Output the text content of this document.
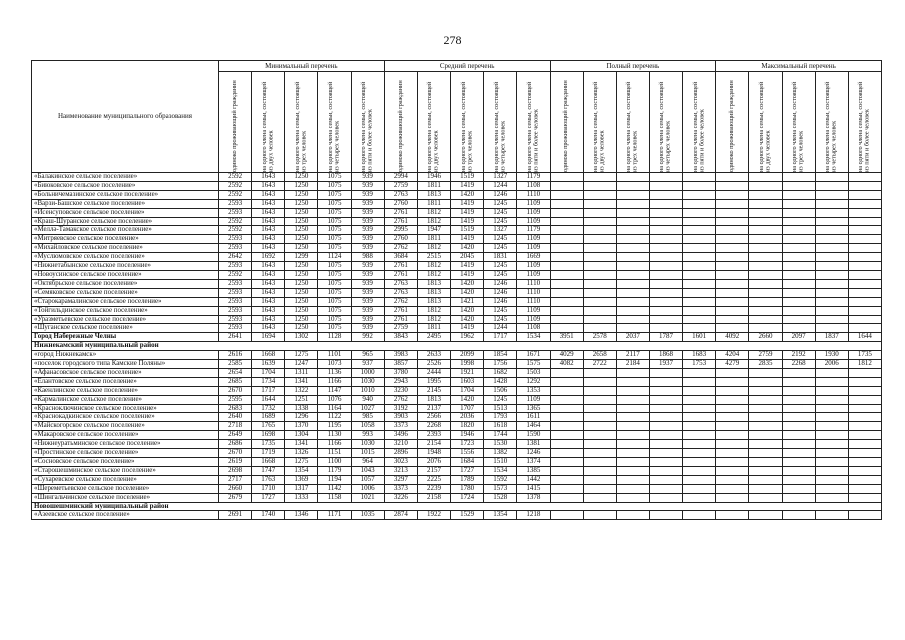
278
Наименование муниципального образования	Минимальный перечень					Средний перечень					Полный перечень					Максимальный перечень				

	одиноко проживающий гражданин	на одного члена семьи, состоящей из двух человек	на одного члена семьи, состоящей из трех человек	на одного члена семьи, состоящей из четырех человек	на одного члена семьи, состоящей из пяти и более человек	одиноко проживающий гражданин	на одного члена семьи, состоящей из двух человек	на одного члена семьи, состоящей из трех человек	на одного члена семьи, состоящей из четырех человек	на одного члена семьи, состоящей из пяти и более человек	одиноко проживающий гражданин	на одного члена семьи, состоящей из двух человек	на одного члена семьи, состоящей из трех человек	на одного члена семьи, состоящей из четырех человек	на одного члена семьи, состоящей из пяти и более человек	одиноко проживающий гражданин	на одного члена семьи, состоящей из двух человек	на одного члена семьи, состоящей из трех человек	на одного члена семьи, состоящей из четырех человек	на одного члена семьи, состоящей из пяти и более человек

«Балакинское сельское поселение»	2592	1643	1250	1075	939	2994	1946	1519	1327	1179										
«Биюковское сельское поселение»	2592	1643	1250	1075	939	2759	1811	1419	1244	1108										
«Больничемазинское сельское поселение»	2592	1643	1250	1075	939	2763	1813	1420	1246	1110										
«Варзи-Башское сельское поселение»	2593	1643	1250	1075	939	2760	1811	1419	1245	1109										
«Исенсуповское сельское поселение»	2593	1643	1250	1075	939	2761	1812	1419	1245	1109										
«Краш-Шуранское сельское поселение»	2592	1643	1250	1075	939	2761	1812	1419	1245	1109										
«Меллә-Тамакское сельское поселение»	2592	1643	1250	1075	939	2995	1947	1519	1327	1179										
«Митряевское сельское поселение»	2593	1643	1250	1075	939	2760	1811	1419	1245	1109										
«Михайловское сельское поселение»	2593	1643	1250	1075	939	2762	1812	1420	1245	1109										
«Муслюмовское сельское поселение»	2642	1692	1299	1124	988	3684	2515	2045	1831	1669										
«Нижнетабынское сельское поселение»	2593	1643	1250	1075	939	2761	1812	1419	1245	1109										
«Новоусинское сельское поселение»	2592	1643	1250	1075	939	2761	1812	1419	1245	1109										
«Октябрьское сельское поселение»	2593	1643	1250	1075	939	2763	1813	1420	1246	1110										
«Семяковское сельское поселение»	2593	1643	1250	1075	939	2763	1813	1420	1246	1110										
«Старокарамалинское сельское поселение»	2593	1643	1250	1075	939	2762	1813	1421	1246	1110										
«Тойгильдинское сельское поселение»	2593	1643	1250	1075	939	2761	1812	1420	1245	1109										
«Уразметьевское сельское поселение»	2593	1643	1250	1075	939	2761	1812	1420	1245	1109										
«Шуганское сельское поселение»	2593	1643	1250	1075	939	2759	1811	1419	1244	1108										
Город Набережные Челны	2641	1694	1302	1128	992	3843	2495	1962	1717	1534	3951	2578	2037	1787	1601	4092	2660	2097	1837	1644
Нижнекамский муниципальный район																				
«город Нижнекамск»	2616	1668	1275	1101	965	3983	2633	2099	1854	1671	4029	2658	2117	1868	1683	4204	2759	2192	1930	1735
«поселок городского типа Камские Поляны»	2585	1639	1247	1073	937	3857	2526	1998	1756	1575	4082	2722	2184	1937	1753	4279	2835	2268	2006	1812
«Афанасовское сельское поселение»	2654	1704	1311	1136	1000	3780	2444	1921	1682	1503										
«Елантовское сельское поселение»	2685	1734	1341	1166	1030	2943	1995	1603	1428	1292										
«Каенлинское сельское поселение»	2670	1717	1322	1147	1010	3230	2145	1704	1506	1353										
«Кармалинское сельское поселение»	2595	1644	1251	1076	940	2762	1813	1420	1245	1109										
«Красноключинское сельское поселение»	2683	1732	1338	1164	1027	3192	2137	1707	1513	1365										
«Краснокадкинское сельское поселение»	2640	1689	1296	1122	985	3903	2566	2036	1793	1611										
«Майскогорское сельское поселение»	2718	1765	1370	1195	1058	3373	2268	1820	1618	1464										
«Макаровское сельское поселение»	2649	1698	1304	1130	993	3496	2393	1946	1744	1590										
«Нижнеуратьминское сельское поселение»	2686	1735	1341	1166	1030	3210	2154	1723	1530	1381										
«Простинское сельское поселение»	2670	1719	1326	1151	1015	2896	1948	1556	1382	1246										
«Сосновское сельское поселение»	2619	1668	1275	1100	964	3023	2076	1684	1510	1374										
«Старошешминское сельское поселение»	2698	1747	1354	1179	1043	3213	2157	1727	1534	1385										
«Сухаревское сельское поселение»	2717	1763	1369	1194	1057	3297	2225	1789	1592	1442										
«Шереметьевское сельское поселение»	2660	1710	1317	1142	1006	3373	2239	1780	1573	1415										
«Шингальчинское сельское поселение»	2679	1727	1333	1158	1021	3226	2158	1724	1528	1378										
Новошешминский муниципальный район																				
«Азеевское сельское поселение»	2691	1740	1346	1171	1035	2874	1922	1529	1354	1218										
